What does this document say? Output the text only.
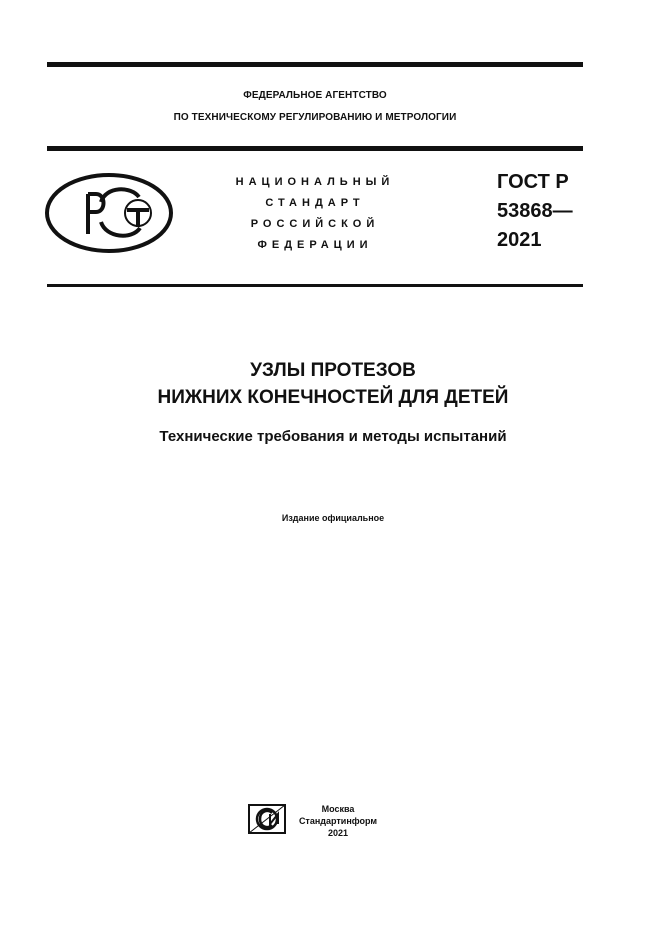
ФЕДЕРАЛЬНОЕ АГЕНТСТВО
ПО ТЕХНИЧЕСКОМУ РЕГУЛИРОВАНИЮ И МЕТРОЛОГИИ
НАЦИОНАЛЬНЫЙ
СТАНДАРТ
РОССИЙСКОЙ
ФЕДЕРАЦИИ
ГОСТ Р
53868—
2021
УЗЛЫ ПРОТЕЗОВ
НИЖНИХ КОНЕЧНОСТЕЙ ДЛЯ ДЕТЕЙ
Технические требования и методы испытаний
Издание официальное
Москва
Стандартинформ
2021
